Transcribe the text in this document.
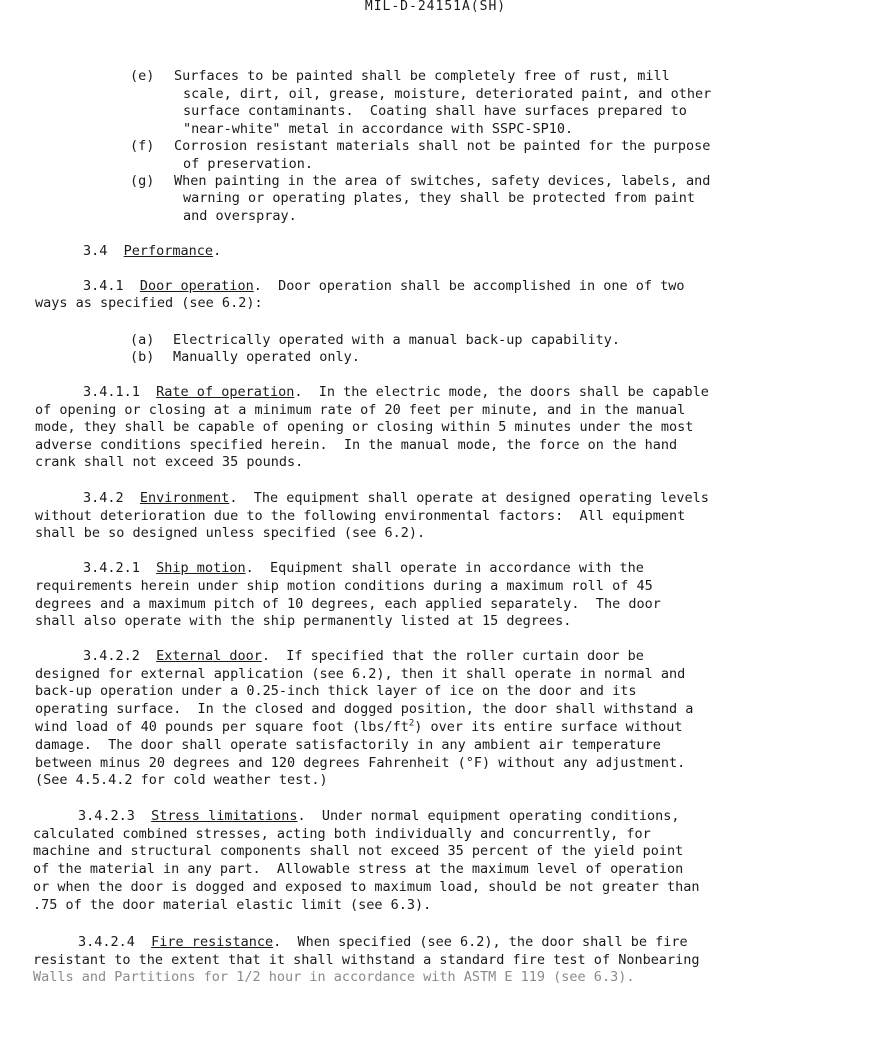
MIL-D-24151A(SH)
(e) Surfaces to be painted shall be completely free of rust, mill
scale, dirt, oil, grease, moisture, deteriorated paint, and other
surface contaminants.  Coating shall have surfaces prepared to
"near-white" metal in accordance with SSPC-SP10.
(f) Corrosion resistant materials shall not be painted for the purpose
of preservation.
(g) When painting in the area of switches, safety devices, labels, and
warning or operating plates, they shall be protected from paint
and overspray.
3.4 Performance.
3.4.1 Door operation.  Door operation shall be accomplished in one of two
ways as specified (see 6.2):
(a) Electrically operated with a manual back-up capability.
(b) Manually operated only.
3.4.1.1 Rate of operation.  In the electric mode, the doors shall be capable
of opening or closing at a minimum rate of 20 feet per minute, and in the manual
mode, they shall be capable of opening or closing within 5 minutes under the most
adverse conditions specified herein.  In the manual mode, the force on the hand
crank shall not exceed 35 pounds.
3.4.2 Environment.  The equipment shall operate at designed operating levels
without deterioration due to the following environmental factors:  All equipment
shall be so designed unless specified (see 6.2).
3.4.2.1 Ship motion.  Equipment shall operate in accordance with the
requirements herein under ship motion conditions during a maximum roll of 45
degrees and a maximum pitch of 10 degrees, each applied separately.  The door
shall also operate with the ship permanently listed at 15 degrees.
3.4.2.2 External door.  If specified that the roller curtain door be
designed for external application (see 6.2), then it shall operate in normal and
back-up operation under a 0.25-inch thick layer of ice on the door and its
operating surface.  In the closed and dogged position, the door shall withstand a
wind load of 40 pounds per square foot $(lbs/ft^2)$ over its entire surface without
damage.  The door shall operate satisfactorily in any ambient air temperature
between minus 20 degrees and 120 degrees Fahrenheit (°F) without any adjustment.
(See 4.5.4.2 for cold weather test.)
3.4.2.3 Stress limitations.  Under normal equipment operating conditions,
calculated combined stresses, acting both individually and concurrently, for
machine and structural components shall not exceed 35 percent of the yield point
of the material in any part.  Allowable stress at the maximum level of operation
or when the door is dogged and exposed to maximum load, should be not greater than
.75 of the door material elastic limit (see 6.3).
3.4.2.4 Fire resistance.  When specified (see 6.2), the door shall be fire
resistant to the extent that it shall withstand a standard fire test of Nonbearing
Walls and Partitions for 1/2 hour in accordance with ASTM E 119 (see 6.3).
